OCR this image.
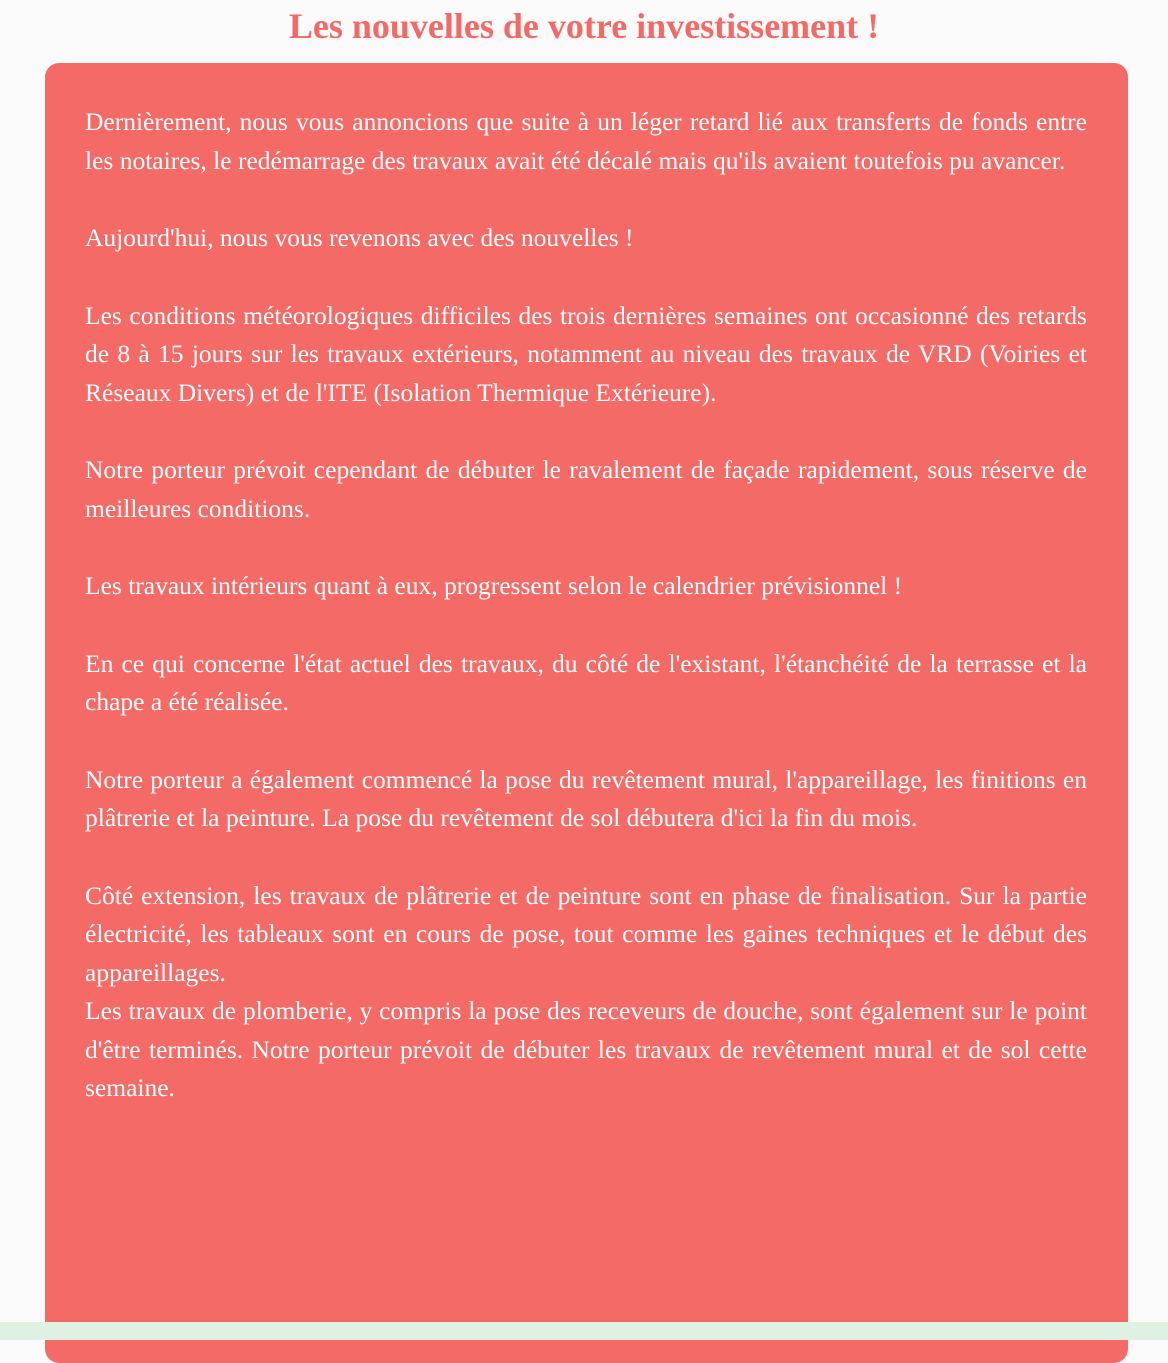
Les nouvelles de votre investissement !

Dernièrement, nous vous annoncions que suite à un léger retard lié aux transferts de fonds entre les notaires, le redémarrage des travaux avait été décalé mais qu'ils avaient toutefois pu avancer.

Aujourd'hui, nous vous revenons avec des nouvelles !

Les conditions météorologiques difficiles des trois dernières semaines ont occasionné des retards de 8 à 15 jours sur les travaux extérieurs, notamment au niveau des travaux de VRD (Voiries et Réseaux Divers) et de l'ITE (Isolation Thermique Extérieure).

Notre porteur prévoit cependant de débuter le ravalement de façade rapidement, sous réserve de meilleures conditions.

Les travaux intérieurs quant à eux, progressent selon le calendrier prévisionnel !

En ce qui concerne l'état actuel des travaux, du côté de l'existant, l'étanchéité de la terrasse et la chape a été réalisée.

Notre porteur a également commencé la pose du revêtement mural, l'appareillage, les finitions en plâtrerie et la peinture. La pose du revêtement de sol débutera d'ici la fin du mois.

Côté extension, les travaux de plâtrerie et de peinture sont en phase de finalisation. Sur la partie électricité, les tableaux sont en cours de pose, tout comme les gaines techniques et le début des appareillages.
Les travaux de plomberie, y compris la pose des receveurs de douche, sont également sur le point d'être terminés. Notre porteur prévoit de débuter les travaux de revêtement mural et de sol cette semaine.
